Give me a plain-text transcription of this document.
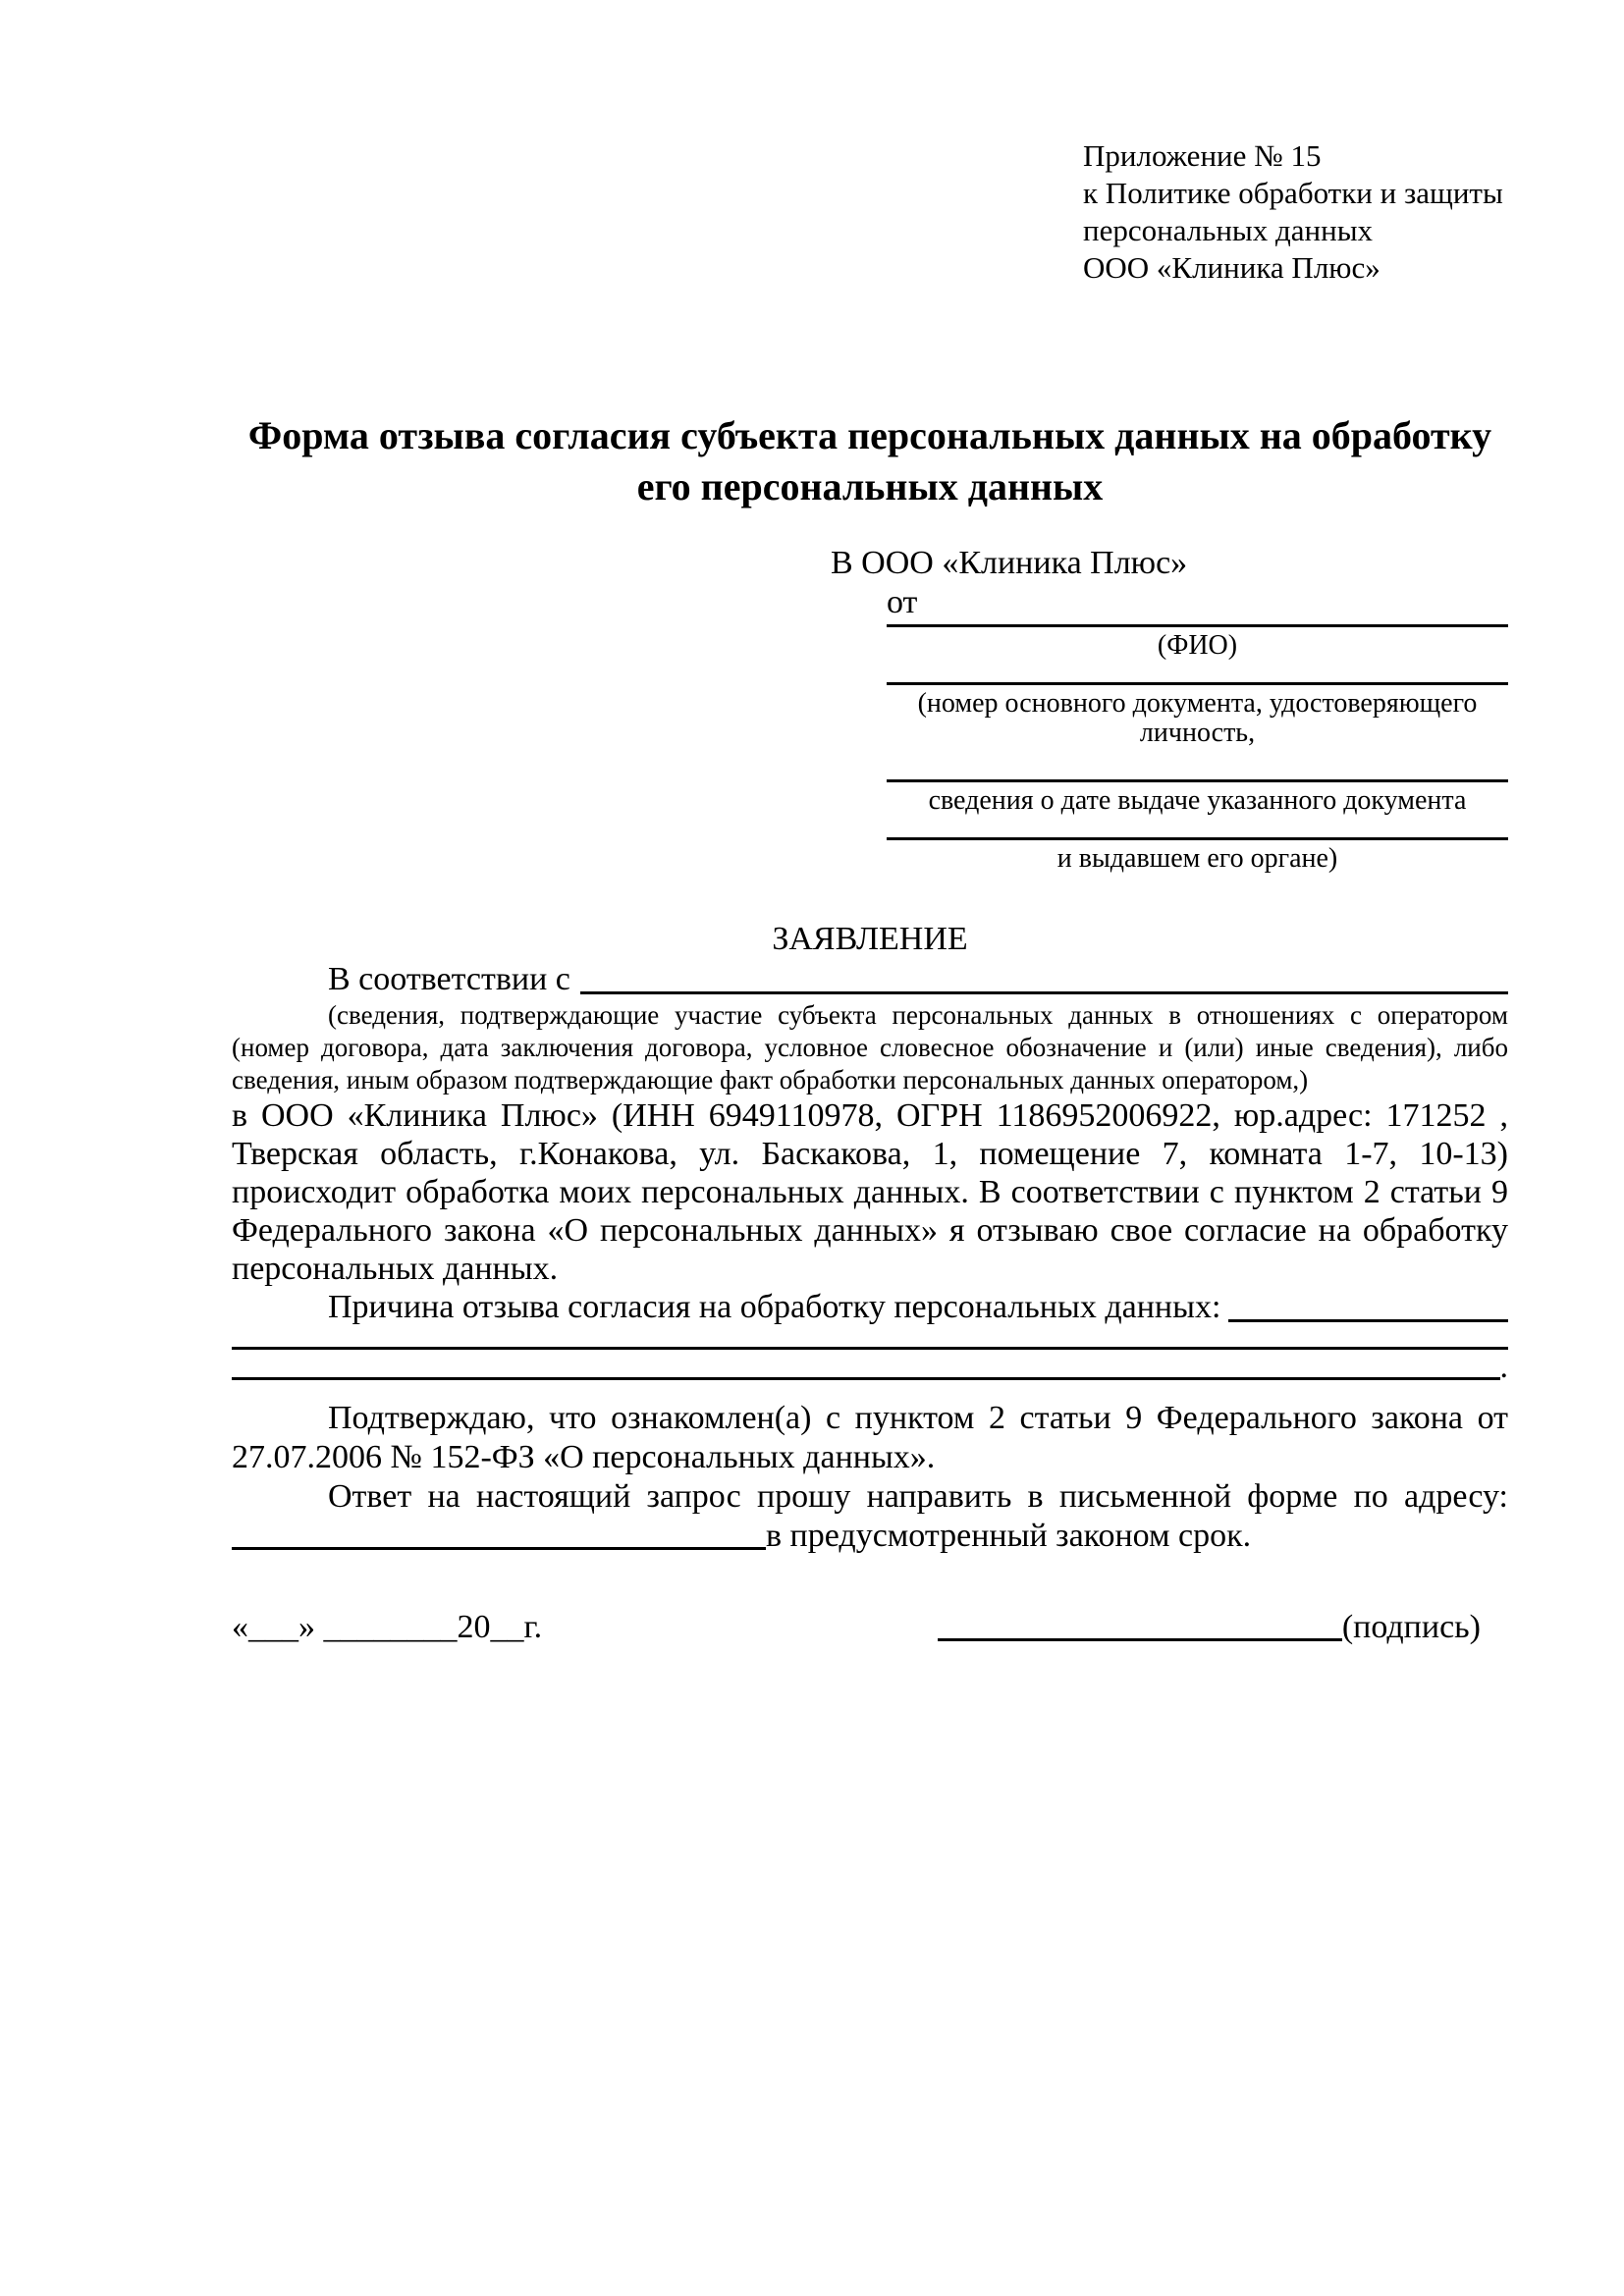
Приложение № 15
к Политике обработки и защиты
персональных данных
ООО «Клиника Плюс»
Форма отзыва согласия субъекта персональных данных на обработку его персональных данных
В ООО «Клиника Плюс»
от
(ФИО)
(номер основного документа, удостоверяющего личность,
сведения о дате выдаче указанного документа
и выдавшем его органе)
ЗАЯВЛЕНИЕ
В соответствии с

(сведения, подтверждающие участие субъекта персональных данных в отношениях с оператором (номер договора, дата заключения договора, условное словесное обозначение и (или) иные сведения), либо сведения, иным образом подтверждающие факт обработки персональных данных оператором,)

в ООО «Клиника Плюс» (ИНН 6949110978, ОГРН 1186952006922, юр.адрес: 171252 , Тверская область, г.Конакова, ул. Баскакова, 1, помещение 7, комната 1-7, 10-13) происходит обработка моих персональных данных. В соответствии с пунктом 2 статьи 9 Федерального закона «О персональных данных» я отзываю свое согласие на обработку персональных данных.

Причина отзыва согласия на обработку персональных данных:
.

Подтверждаю, что ознакомлен(а) с пунктом 2 статьи 9 Федерального закона от 27.07.2006 № 152-ФЗ «О персональных данных».

Ответ на настоящий запрос прошу направить в письменной форме по адресу: в предусмотренный законом срок.

«___» ________20__г.	(подпись)
